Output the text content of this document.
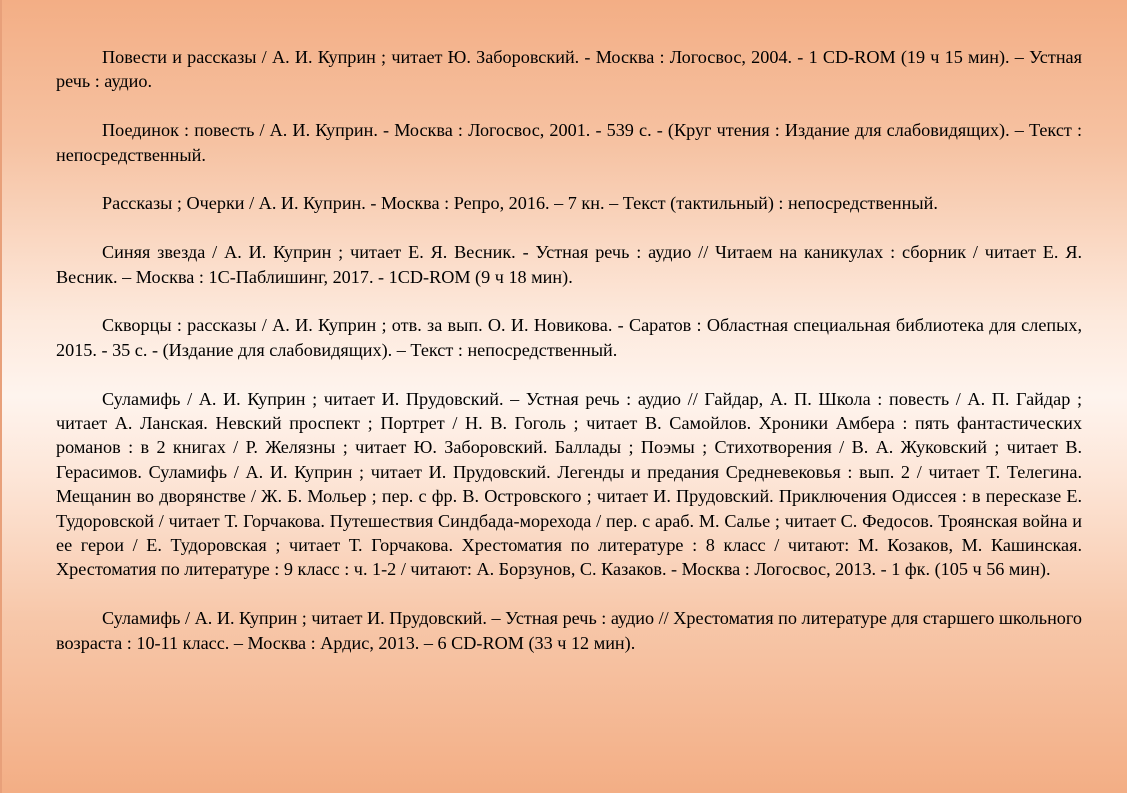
Повести и рассказы / А. И. Куприн ; читает Ю. Заборовский. - Москва : Логосвос, 2004. - 1 CD-ROM (19 ч 15 мин). – Устная речь : аудио.

Поединок : повесть / А. И. Куприн. - Москва : Логосвос, 2001. - 539 с. - (Круг чтения : Издание для слабовидящих). – Текст : непосредственный.

Рассказы ; Очерки / А. И. Куприн. - Москва : Репро, 2016. – 7 кн. – Текст (тактильный) : непосредственный.

Синяя звезда / А. И. Куприн ; читает Е. Я. Весник. - Устная речь : аудио // Читаем на каникулах : сборник / читает Е. Я. Весник. – Москва : 1С-Паблишинг, 2017. - 1CD-ROM (9 ч 18 мин).

Скворцы : рассказы / А. И. Куприн ; отв. за вып. О. И. Новикова. - Саратов : Областная специальная библиотека для слепых, 2015. - 35 с. - (Издание для слабовидящих). – Текст : непосредственный.

Суламифь / А. И. Куприн ; читает И. Прудовский. – Устная речь : аудио // Гайдар, А. П. Школа : повесть / А. П. Гайдар ; читает А. Ланская. Невский проспект ; Портрет / Н. В. Гоголь ; читает В. Самойлов. Хроники Амбера : пять фантастических романов : в 2 книгах / Р. Желязны ; читает Ю. Заборовский. Баллады ; Поэмы ; Стихотворения / В. А. Жуковский ; читает В. Герасимов. Суламифь / А. И. Куприн ; читает И. Прудовский. Легенды и предания Средневековья : вып. 2 / читает Т. Телегина. Мещанин во дворянстве / Ж. Б. Мольер ; пер. с фр. В. Островского ; читает И. Прудовский. Приключения Одиссея : в пересказе Е. Тудоровской / читает Т. Горчакова. Путешествия Синдбада-морехода / пер. с араб. М. Салье ; читает С. Федосов. Троянская война и ее герои / Е. Тудоровская ; читает Т. Горчакова. Хрестоматия по литературе : 8 класс / читают: М. Козаков, М. Кашинская. Хрестоматия по литературе : 9 класс : ч. 1-2 / читают: А. Борзунов, С. Казаков. - Москва : Логосвос, 2013. - 1 фк. (105 ч 56 мин).

Суламифь / А. И. Куприн ; читает И. Прудовский. – Устная речь : аудио // Хрестоматия по литературе для старшего школьного возраста : 10-11 класс. – Москва : Ардис, 2013. – 6 CD-ROM (33 ч 12 мин).
